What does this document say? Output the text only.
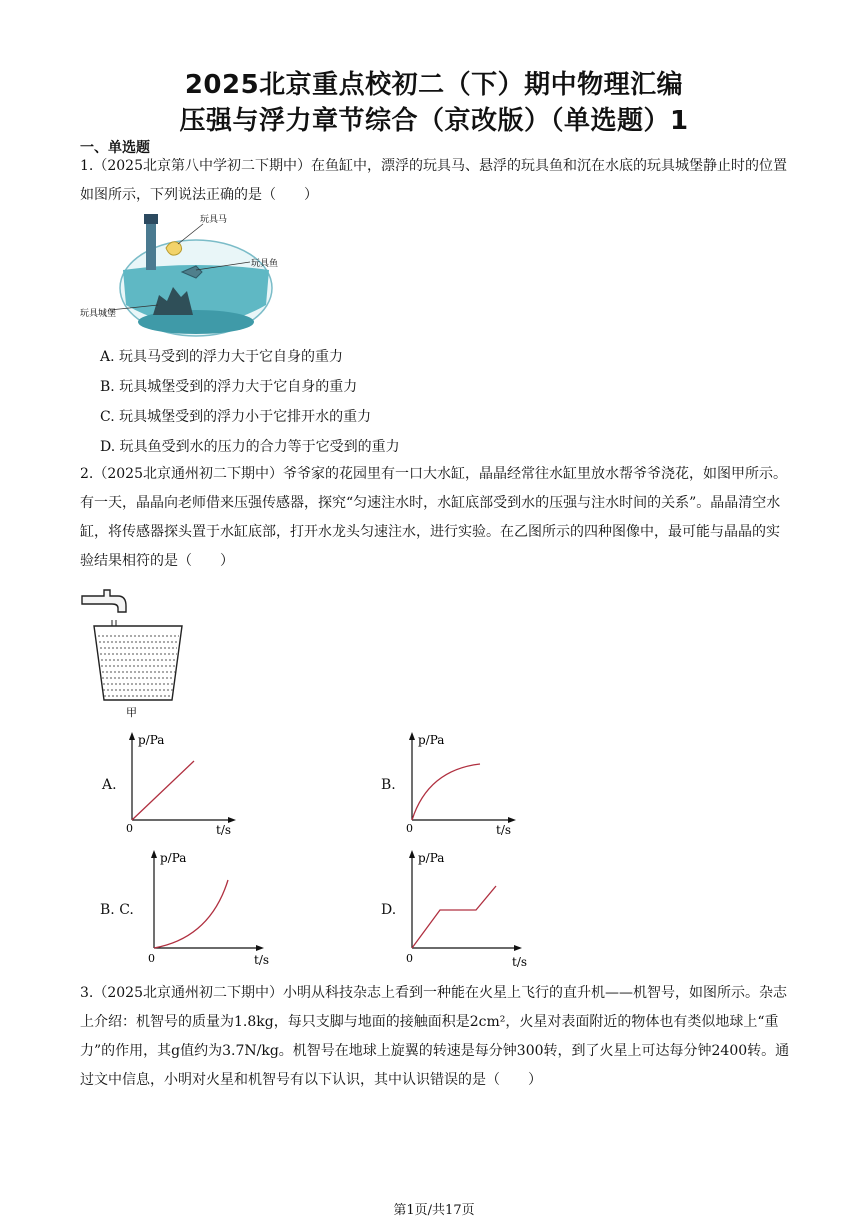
2025北京重点校初二（下）期中物理汇编
压强与浮力章节综合（京改版）（单选题）1
一、单选题
1.（2025北京第八中学初二下期中）在鱼缸中，漂浮的玩具马、悬浮的玩具鱼和沉在水底的玩具城堡静止时的位置如图所示，下列说法正确的是（　　）
玩具马
玩具鱼
玩具城堡
A. 玩具马受到的浮力大于它自身的重力
B. 玩具城堡受到的浮力大于它自身的重力
C. 玩具城堡受到的浮力小于它排开水的重力
D. 玩具鱼受到水的压力的合力等于它受到的重力
2.（2025北京通州初二下期中）爷爷家的花园里有一口大水缸，晶晶经常往水缸里放水帮爷爷浇花，如图甲所示。有一天，晶晶向老师借来压强传感器，探究“匀速注水时，水缸底部受到水的压强与注水时间的关系”。晶晶清空水缸，将传感器探头置于水缸底部，打开水龙头匀速注水，进行实验。在乙图所示的四种图像中，最可能与晶晶的实验结果相符的是（　　）
甲
A.
p/Pa
t/s
0
B.
p/Pa
t/s
0
B. C.
p/Pa
t/s
0
D.
p/Pa
t/s
0
3.（2025北京通州初二下期中）小明从科技杂志上看到一种能在火星上飞行的直升机——机智号，如图所示。杂志上介绍：机智号的质量为1.8kg，每只支脚与地面的接触面积是2cm²，火星对表面附近的物体也有类似地球上“重力”的作用，其g值约为3.7N/kg。机智号在地球上旋翼的转速是每分钟300转，到了火星上可达每分钟2400转。通过文中信息，小明对火星和机智号有以下认识，其中认识错误的是（　　）
第1页/共17页
